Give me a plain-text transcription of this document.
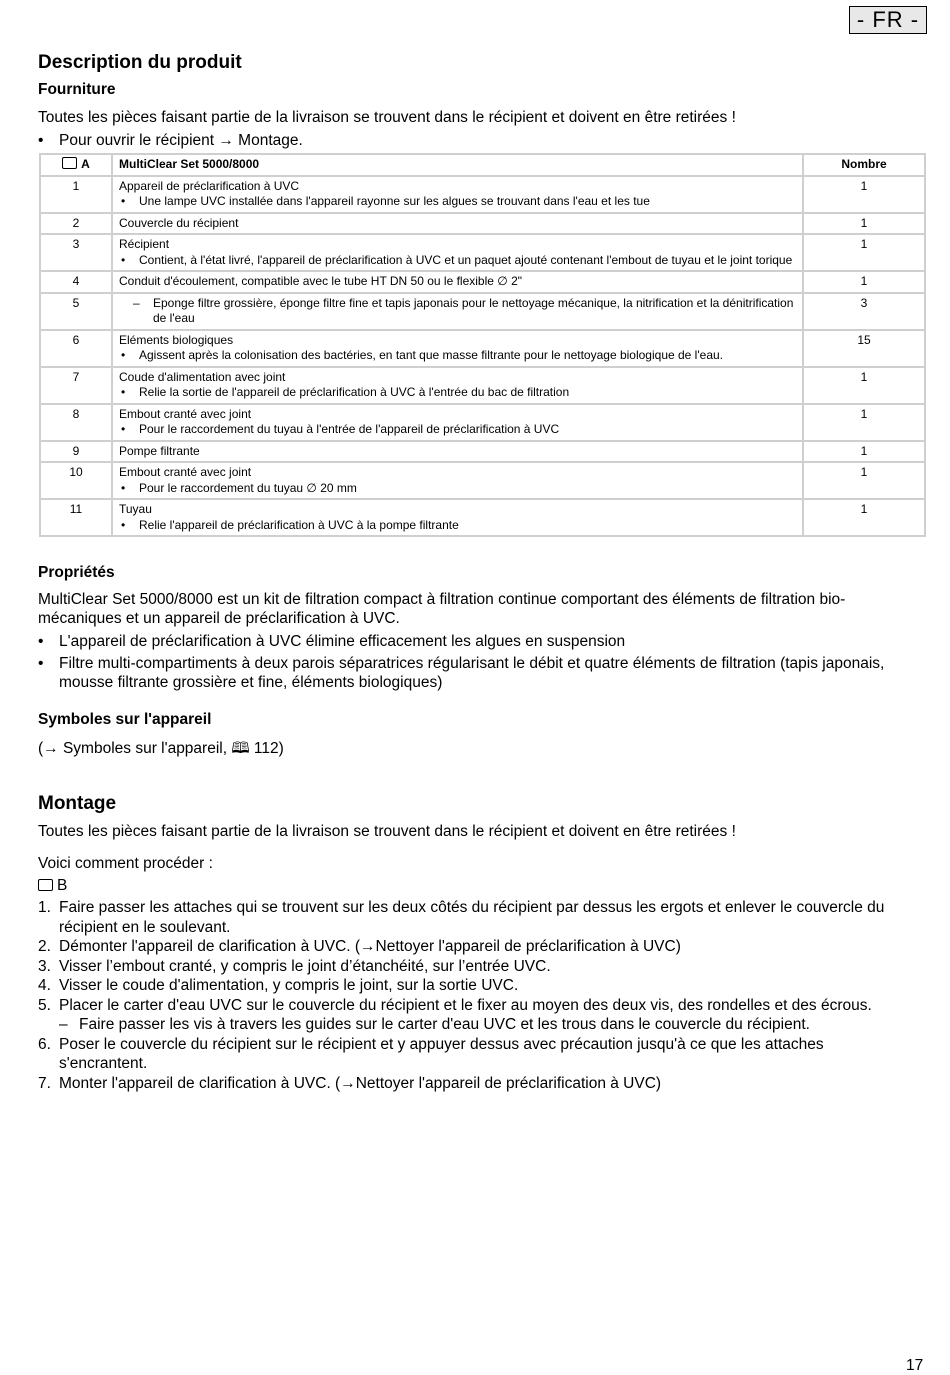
- FR -
Description du produit
Fourniture
Toutes les pièces faisant partie de la livraison se trouvent dans le récipient et doivent en être retirées !
• Pour ouvrir le récipient → Montage.
A	MultiClear Set 5000/8000	Nombre
1	Appareil de préclarification à UVC
• Une lampe UVC installée dans l'appareil rayonne sur les algues se trouvant dans l'eau et les tue	1
2	Couvercle du récipient	1
3	Récipient
• Contient, à l'état livré, l'appareil de préclarification à UVC et un paquet ajouté contenant l'embout de tuyau et le joint torique	1
4	Conduit d'écoulement, compatible avec le tube HT DN 50 ou le flexible ∅ 2"	1
5	– Eponge filtre grossière, éponge filtre fine et tapis japonais pour le nettoyage mécanique, la nitrification et la dénitrification de l'eau	3
6	Eléments biologiques
• Agissent après la colonisation des bactéries, en tant que masse filtrante pour le nettoyage biologique de l'eau.	15
7	Coude d'alimentation avec joint
• Relie la sortie de l'appareil de préclarification à UVC à l'entrée du bac de filtration	1
8	Embout cranté avec joint
• Pour le raccordement du tuyau à l'entrée de l'appareil de préclarification à UVC	1
9	Pompe filtrante	1
10	Embout cranté avec joint
• Pour le raccordement du tuyau ∅ 20 mm	1
11	Tuyau
• Relie l'appareil de préclarification à UVC à la pompe filtrante	1
Propriétés
MultiClear Set 5000/8000 est un kit de filtration compact à filtration continue comportant des éléments de filtration bio-mécaniques et un appareil de préclarification à UVC.
• L'appareil de préclarification à UVC élimine efficacement les algues en suspension
• Filtre multi-compartiments à deux parois séparatrices régularisant le débit et quatre éléments de filtration (tapis japonais, mousse filtrante grossière et fine, éléments biologiques)
Symboles sur l'appareil
(→ Symboles sur l'appareil, 🕮 112)
Montage
Toutes les pièces faisant partie de la livraison se trouvent dans le récipient et doivent en être retirées !
Voici comment procéder :
B
1. Faire passer les attaches qui se trouvent sur les deux côtés du récipient par dessus les ergots et enlever le couvercle du récipient en le soulevant.
2. Démonter l'appareil de clarification à UVC. (→Nettoyer l'appareil de préclarification à UVC)
3. Visser l’embout cranté, y compris le joint d’étanchéité, sur l’entrée UVC.
4. Visser le coude d'alimentation, y compris le joint, sur la sortie UVC.
5. Placer le carter d'eau UVC sur le couvercle du récipient et le fixer au moyen des deux vis, des rondelles et des écrous.
– Faire passer les vis à travers les guides sur le carter d'eau UVC et les trous dans le couvercle du récipient.
6. Poser le couvercle du récipient sur le récipient et y appuyer dessus avec précaution jusqu'à ce que les attaches s'encrantent.
7. Monter l'appareil de clarification à UVC. (→Nettoyer l'appareil de préclarification à UVC)
17
